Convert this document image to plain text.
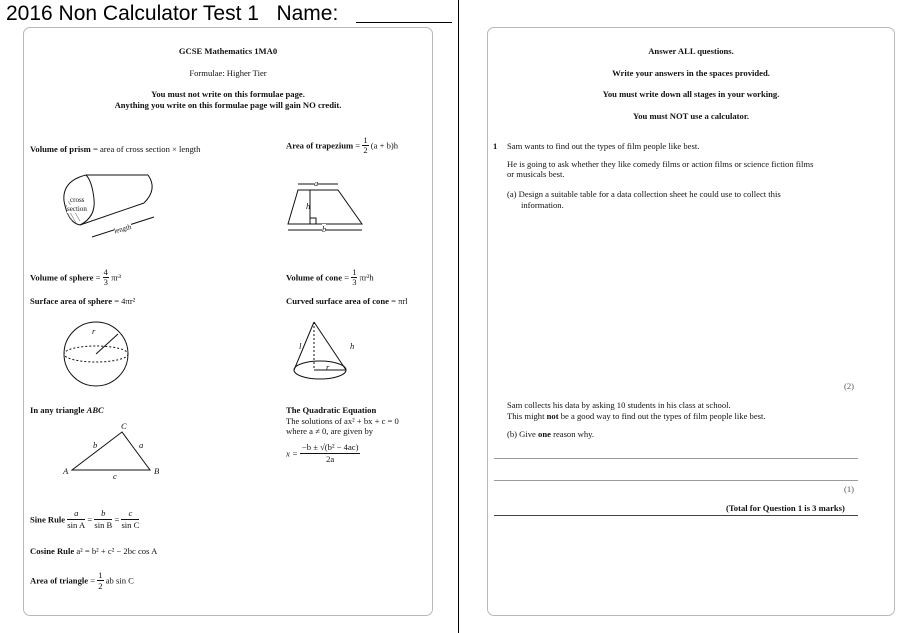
2016 Non Calculator Test 1 Name:
GCSE Mathematics 1MA0
Formulae: Higher Tier
You must not write on this formulae page.
Anything you write on this formulae page will gain NO credit.
Volume of prism = area of cross section × length
cross
section
length
Area of trapezium = $\frac{1}{2} (a + b)h$
a
h
b
Volume of sphere = $\frac{4}{3} \pi r^3$
Surface area of sphere = 4πr²
r
Volume of cone = $\frac{1}{3} \pi r^2h$
Curved surface area of cone = πrl
l	h
r
In any triangle ABC
C
A	B
a
b
c
The Quadratic Equation
The solutions of ax² + bx + c = 0
where a ≠ 0, are given by
$x = \frac{\text{−b ± √(b² − 4ac)}}{2a}$
Sine Rule $\frac{a}{\text{sin A}} = \frac{b}{\text{sin B}} = \frac{c}{\text{sin C}}$
Cosine Rule a² = b² + c² − 2bc cos A
Area of triangle = $\frac{1}{2}$ ab sin C
Answer ALL questions.
Write your answers in the spaces provided.
You must write down all stages in your working.
You must NOT use a calculator.
1 Sam wants to find out the types of film people like best.
He is going to ask whether they like comedy films or action films or science fiction films
or musicals best.
(a) Design a suitable table for a data collection sheet he could use to collect this
information.
(2)
Sam collects his data by asking 10 students in his class at school.
This might not be a good way to find out the types of film people like best.
(b) Give one reason why.
(1)
(Total for Question 1 is 3 marks)
